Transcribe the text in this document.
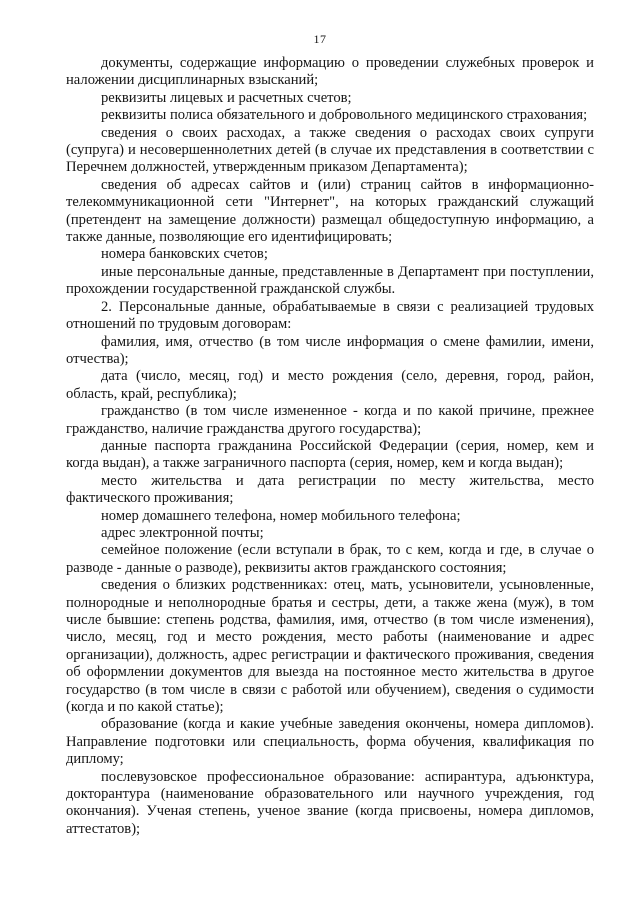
17

документы, содержащие информацию о проведении служебных проверок и наложении дисциплинарных взысканий;

реквизиты лицевых и расчетных счетов;

реквизиты полиса обязательного и добровольного медицинского страхования;

сведения о своих расходах, а также сведения о расходах своих супруги (супруга) и несовершеннолетних детей (в случае их представления в соответствии с Перечнем должностей, утвержденным приказом Департамента);

сведения об адресах сайтов и (или) страниц сайтов в информационно-телекоммуникационной сети "Интернет", на которых гражданский служащий (претендент на замещение должности) размещал общедоступную информацию, а также данные, позволяющие его идентифицировать;

номера банковских счетов;

иные персональные данные, представленные в Департамент при поступлении, прохождении государственной гражданской службы.

2. Персональные данные, обрабатываемые в связи с реализацией трудовых отношений по трудовым договорам:

фамилия, имя, отчество (в том числе информация о смене фамилии, имени, отчества);

дата (число, месяц, год) и место рождения (село, деревня, город, район, область, край, республика);

гражданство (в том числе измененное - когда и по какой причине, прежнее гражданство, наличие гражданства другого государства);

данные паспорта гражданина Российской Федерации (серия, номер, кем и когда выдан), а также заграничного паспорта (серия, номер, кем и когда выдан);

место жительства и дата регистрации по месту жительства, место фактического проживания;

номер домашнего телефона, номер мобильного телефона;

адрес электронной почты;

семейное положение (если вступали в брак, то с кем, когда и где, в случае о разводе - данные о разводе), реквизиты актов гражданского состояния;

сведения о близких родственниках: отец, мать, усыновители, усыновленные, полнородные и неполнородные братья и сестры, дети, а также жена (муж), в том числе бывшие: степень родства, фамилия, имя, отчество (в том числе изменения), число, месяц, год и место рождения, место работы (наименование и адрес организации), должность, адрес регистрации и фактического проживания, сведения об оформлении документов для выезда на постоянное место жительства в другое государство (в том числе в связи с работой или обучением), сведения о судимости (когда и по какой статье);

образование (когда и какие учебные заведения окончены, номера дипломов). Направление подготовки или специальность, форма обучения, квалификация по диплому;

послевузовское профессиональное образование: аспирантура, адъюнктура, докторантура (наименование образовательного или научного учреждения, год окончания). Ученая степень, ученое звание (когда присвоены, номера дипломов, аттестатов);
